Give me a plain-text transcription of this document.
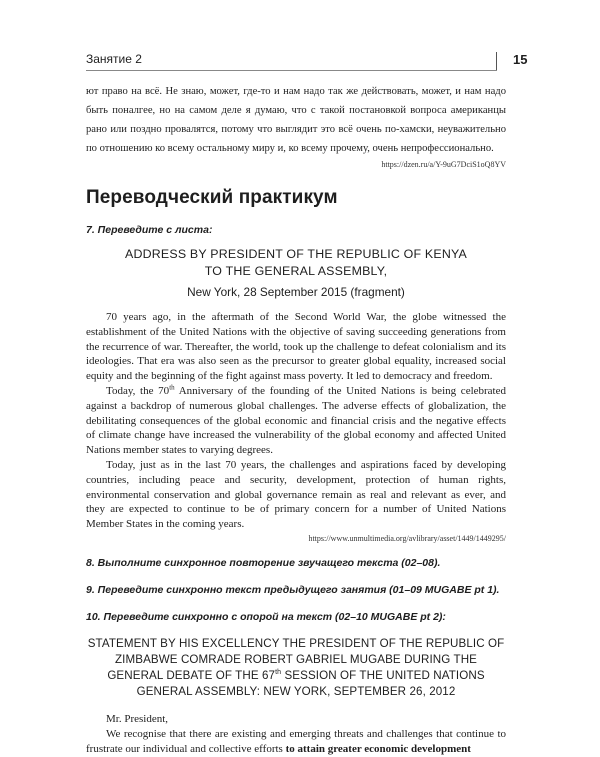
Занятие 2	15

ют право на всё. Не знаю, может, где-то и нам надо так же действовать, может, и нам надо быть поналгее, но на самом деле я думаю, что с такой постановкой вопроса американцы рано или поздно провалятся, потому что выглядит это всё очень по-хамски, неуважительно по отношению ко всему остальному миру и, ко всему прочему, очень непрофессионально.

https://dzen.ru/a/Y-9uG7DciS1oQ8YV

Переводческий практикум
7. Переведите с листа:
ADDRESS BY PRESIDENT OF THE REPUBLIC OF KENYA
TO THE GENERAL ASSEMBLY,
New York, 28 September 2015 (fragment)

70 years ago, in the aftermath of the Second World War, the globe witnessed the establishment of the United Nations with the objective of saving succeeding generations from the recurrence of war. Thereafter, the world, took up the challenge to defeat colonialism and its ideologies. That era was also seen as the precursor to greater global equality, increased social equity and the beginning of the fight against mass poverty. It led to democracy and freedom.

Today, the 70th Anniversary of the founding of the United Nations is being celebrated against a backdrop of numerous global challenges. The adverse effects of globalization, the debilitating consequences of the global economic and financial crisis and the negative effects of climate change have increased the vulnerability of the global economy and affected United Nations member states to varying degrees.

Today, just as in the last 70 years, the challenges and aspirations faced by developing countries, including peace and security, development, protection of human rights, environmental conservation and global governance remain as real and relevant as ever, and they are expected to continue to be of primary concern for a number of United Nations Member States in the coming years.

https://www.unmultimedia.org/avlibrary/asset/1449/1449295/

8. Выполните синхронное повторение звучащего текста (02–08).
9. Переведите синхронно текст предыдущего занятия (01–09 MUGABE pt 1).
10. Переведите синхронно с опорой на текст (02–10 MUGABE pt 2):
STATEMENT BY HIS EXCELLENCY THE PRESIDENT OF THE REPUBLIC OF ZIMBABWE COMRADE ROBERT GABRIEL MUGABE DURING THE GENERAL DEBATE OF THE 67th SESSION OF THE UNITED NATIONS GENERAL ASSEMBLY: NEW YORK, SEPTEMBER 26, 2012

Mr. President,

We recognise that there are existing and emerging threats and challenges that continue to frustrate our individual and collective efforts to attain greater economic development
